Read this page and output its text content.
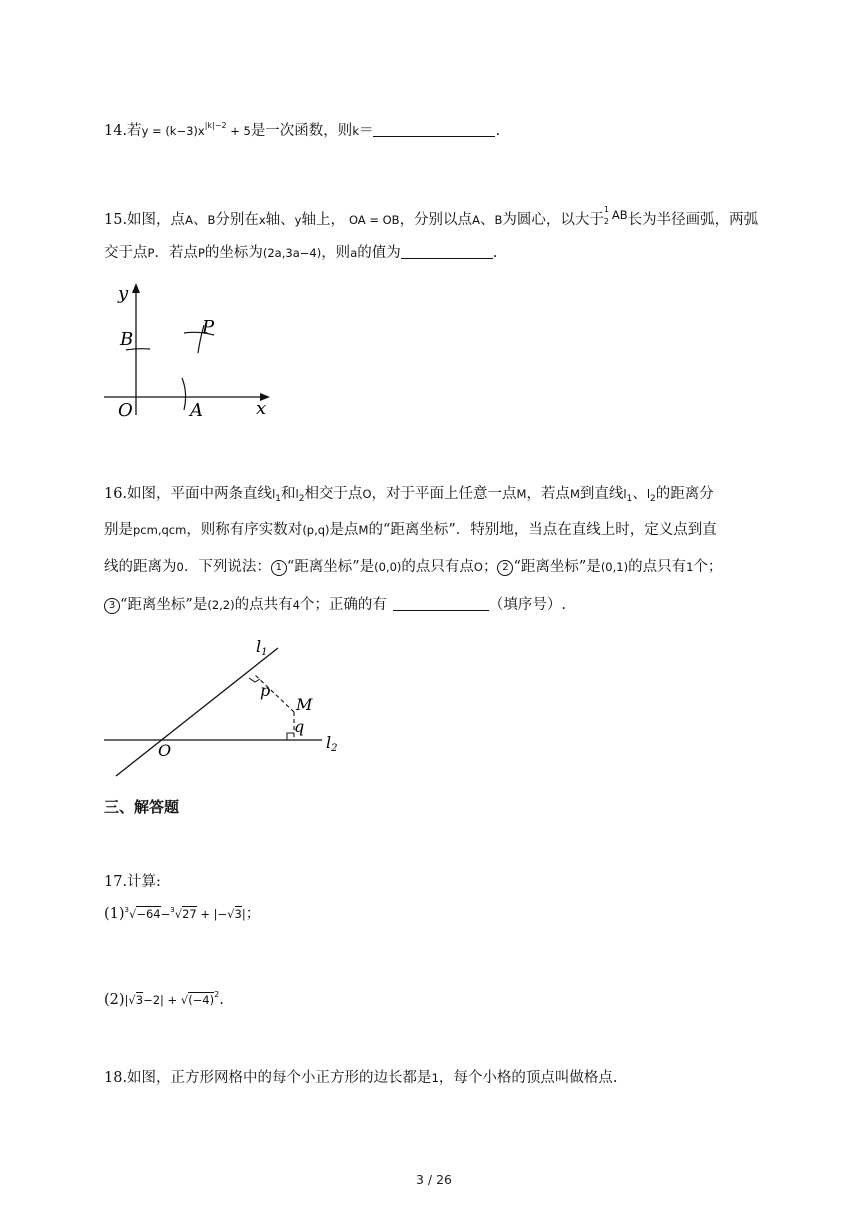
14.若$y = (k-3)x^{|k|-2} + 5$是一次函数，则k＝	.
15.如图，点A、B分别在x轴、y轴上， OA = OB，分别以点A、B为圆心，以大于
1
2 $^{AB}$长为半径画弧，两弧
交于点P．若点P的坐标为(2a,3a−4)，则a的值为	.
y
B
P
O	A	x
16.如图，平面中两条直线$l_1$和$l_2$相交于点O，对于平面上任意一点M，若点M到直线$l_1$、$l_2$的距离分
别是pcm,qcm，则称有序实数对(p,q)是点M的“距离坐标”．特别地，当点在直线上时，定义点到直
线的距离为0．下列说法： 1 “距离坐标”是(0,0)的点只有点O； 2 “距离坐标”是(0,1)的点只有1个；
3 “距离坐标”是(2,2)的点共有4个；正确的有	（填序号）.
l1
p
M
q
O	l2
三、解答题
17.计算:
$(1)^3√-64-^3√27 + |-√3|$；
$(2)|√3-2| + √(-4)^2$.
18.如图，正方形网格中的每个小正方形的边长都是1，每个小格的顶点叫做格点.
3 / 26
